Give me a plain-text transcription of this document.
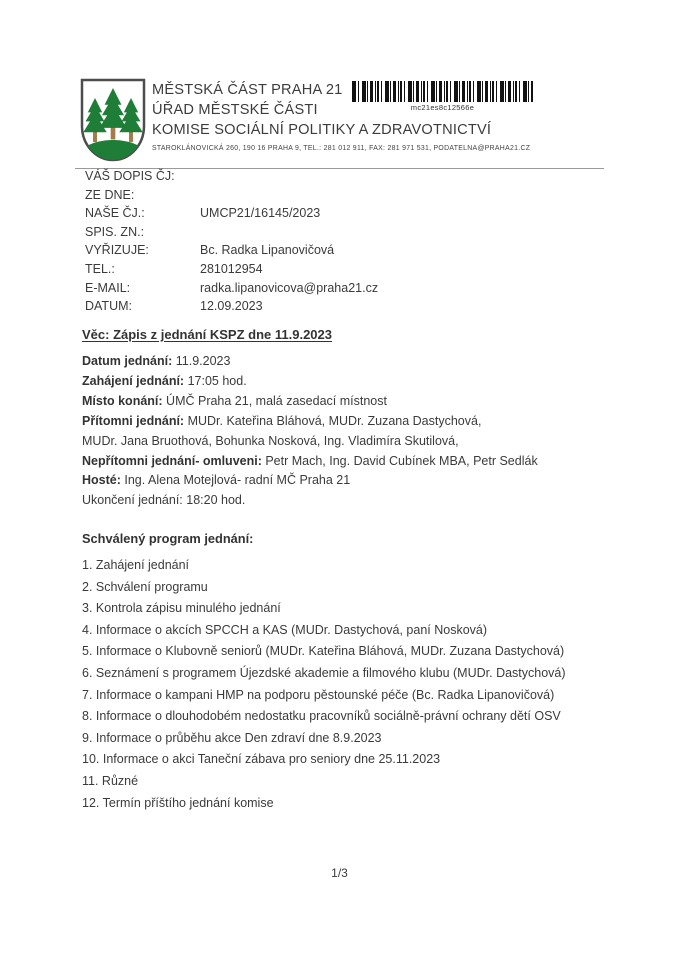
MĚSTSKÁ ČÁST PRAHA 21
ÚŘAD MĚSTSKÉ ČÁSTI
KOMISE SOCIÁLNÍ POLITIKY A ZDRAVOTNICTVÍ
STAROKLÁNOVICKÁ 260, 190 16 PRAHA 9, TEL.: 281 012 911, FAX: 281 971 531, PODATELNA@PRAHA21.CZ
mc21es8c12566e
VÁŠ DOPIS ČJ:
ZE DNE:
NAŠE ČJ.:	UMCP21/16145/2023
SPIS. ZN.:
VYŘIZUJE:	Bc. Radka Lipanovičová
TEL.:	281012954
E-MAIL:	radka.lipanovicova@praha21.cz
DATUM:	12.09.2023
Věc: Zápis z jednání KSPZ dne 11.9.2023
Datum jednání: 11.9.2023
Zahájení jednání: 17:05 hod.
Místo konání: ÚMČ Praha 21, malá zasedací místnost
Přítomni jednání: MUDr. Kateřina Bláhová, MUDr. Zuzana Dastychová,
MUDr. Jana Bruothová, Bohunka Nosková, Ing. Vladimíra Skutilová,
Nepřítomni jednání- omluveni: Petr Mach, Ing. David Cubínek MBA, Petr Sedlák
Hosté: Ing. Alena Motejlová- radní MČ Praha 21
Ukončení jednání: 18:20 hod.
Schválený program jednání:
1. Zahájení jednání
2. Schválení programu
3. Kontrola zápisu minulého jednání
4. Informace o akcích SPCCH a KAS (MUDr. Dastychová, paní Nosková)
5. Informace o Klubovně seniorů (MUDr. Kateřina Bláhová, MUDr. Zuzana Dastychová)
6. Seznámení s programem Újezdské akademie a filmového klubu (MUDr. Dastychová)
7. Informace o kampani HMP na podporu pěstounské péče (Bc. Radka Lipanovičová)
8. Informace o dlouhodobém nedostatku pracovníků sociálně-právní ochrany dětí OSV
9. Informace o průběhu akce Den zdraví dne 8.9.2023
10. Informace o akci Taneční zábava pro seniory dne 25.11.2023
11. Různé
12. Termín příštího jednání komise
1/3
